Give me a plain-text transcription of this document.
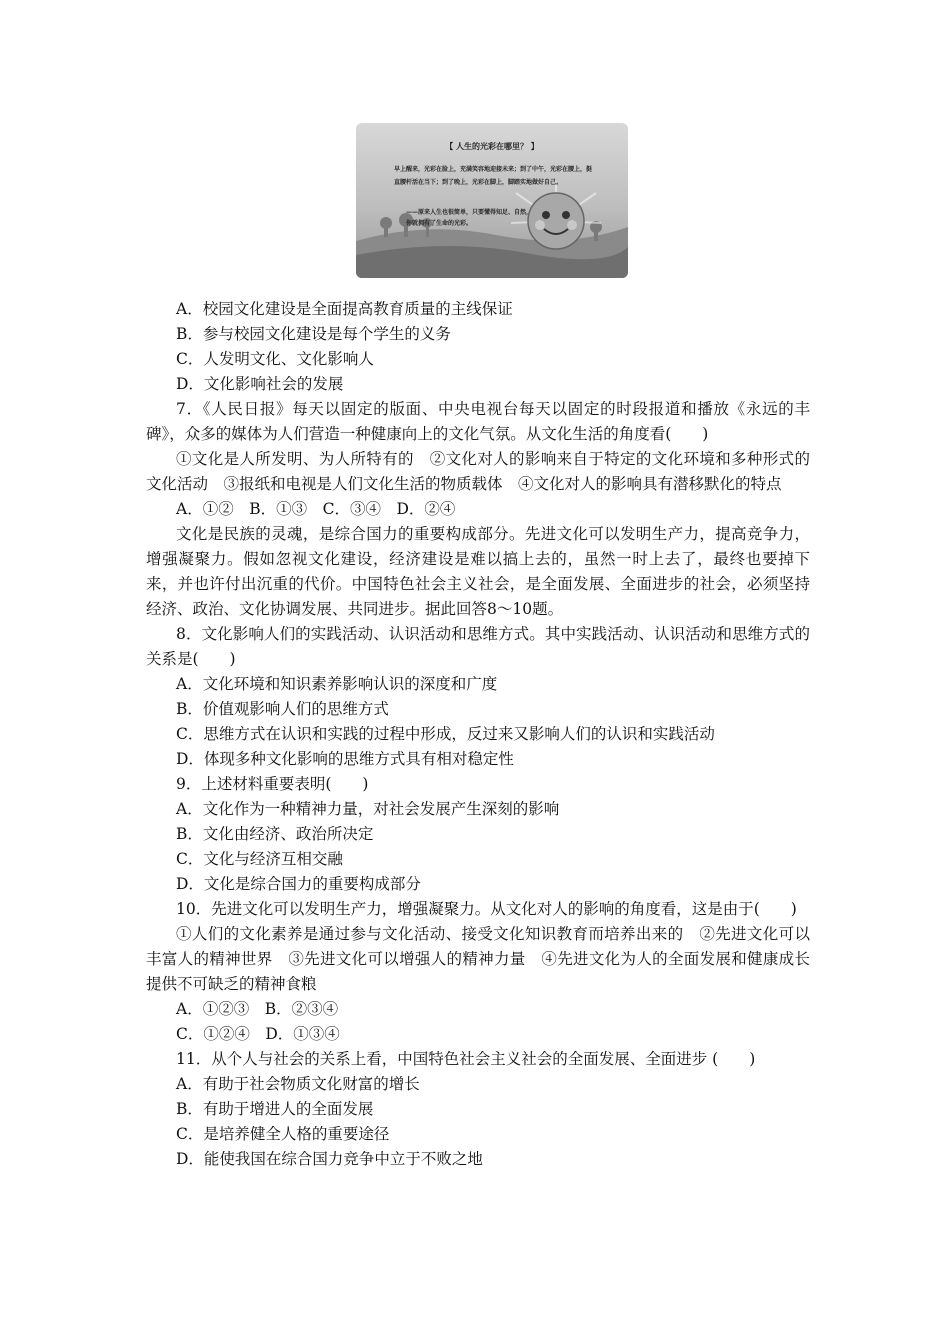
【 人生的光彩在哪里？ 】
早上醒来，光彩在脸上，充满笑容地迎接未来；到了中午，光彩在腰上，挺直腰杆活在当下；到了晚上，光彩在脚上，脚踏实地做好自己。
——原来人生也很简单，只要懂得知足、自然，你就拥有了生命的光彩。
A．校园文化建设是全面提高教育质量的主线保证
B．参与校园文化建设是每个学生的义务
C．人发明文化、文化影响人
D．文化影响社会的发展
7．《人民日报》每天以固定的版面、中央电视台每天以固定的时段报道和播放《永远的丰碑》，众多的媒体为人们营造一种健康向上的文化气氛。从文化生活的角度看(　　)
①文化是人所发明、为人所特有的　②文化对人的影响来自于特定的文化环境和多种形式的文化活动　③报纸和电视是人们文化生活的物质载体　④文化对人的影响具有潜移默化的特点
A．①②　B．①③　C．③④　D．②④
文化是民族的灵魂，是综合国力的重要构成部分。先进文化可以发明生产力，提高竞争力，增强凝聚力。假如忽视文化建设，经济建设是难以搞上去的，虽然一时上去了，最终也要掉下来，并也许付出沉重的代价。中国特色社会主义社会，是全面发展、全面进步的社会，必须坚持经济、政治、文化协调发展、共同进步。据此回答8～10题。
8．文化影响人们的实践活动、认识活动和思维方式。其中实践活动、认识活动和思维方式的关系是(　　)
A．文化环境和知识素养影响认识的深度和广度
B．价值观影响人们的思维方式
C．思维方式在认识和实践的过程中形成，反过来又影响人们的认识和实践活动
D．体现多种文化影响的思维方式具有相对稳定性
9．上述材料重要表明(　　)
A．文化作为一种精神力量，对社会发展产生深刻的影响
B．文化由经济、政治所决定
C．文化与经济互相交融
D．文化是综合国力的重要构成部分
10．先进文化可以发明生产力，增强凝聚力。从文化对人的影响的角度看，这是由于(　　)
①人们的文化素养是通过参与文化活动、接受文化知识教育而培养出来的　②先进文化可以丰富人的精神世界　③先进文化可以增强人的精神力量　④先进文化为人的全面发展和健康成长提供不可缺乏的精神食粮
A．①②③　B．②③④
C．①②④　D．①③④
11．从个人与社会的关系上看，中国特色社会主义社会的全面发展、全面进步 (　　)
A．有助于社会物质文化财富的增长
B．有助于增进人的全面发展
C．是培养健全人格的重要途径
D．能使我国在综合国力竞争中立于不败之地
